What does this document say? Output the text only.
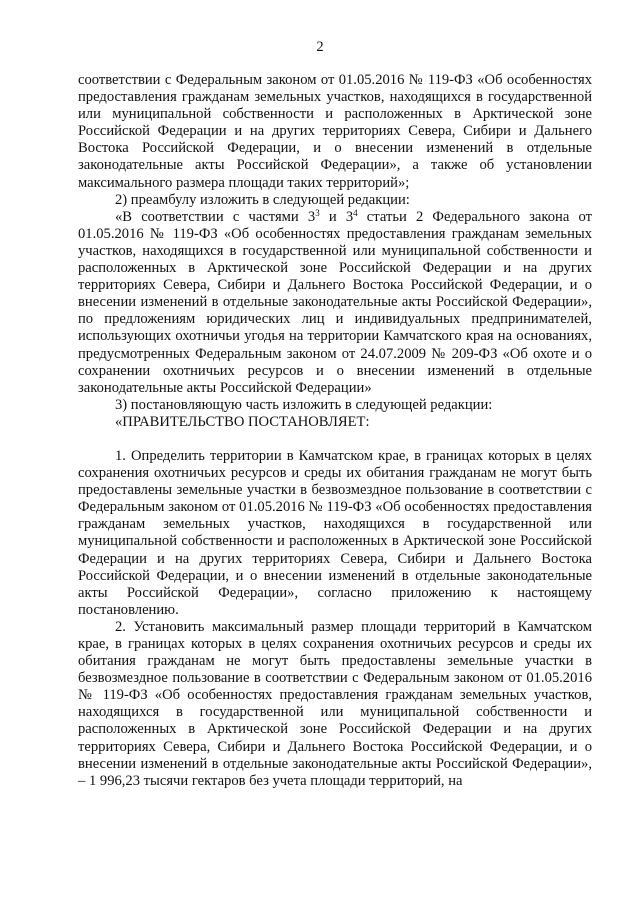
2

соответствии с Федеральным законом от 01.05.2016 № 119-ФЗ «Об особенностях предоставления гражданам земельных участков, находящихся в государственной или муниципальной собственности и расположенных в Арктической зоне Российской Федерации и на других территориях Севера, Сибири и Дальнего Востока Российской Федерации, и о внесении изменений в отдельные законодательные акты Российской Федерации», а также об установлении максимального размера площади таких территорий»;

2) преамбулу изложить в следующей редакции:

«В соответствии с частями $3^3$ и $3^4$ статьи 2 Федерального закона от 01.05.2016 № 119-ФЗ «Об особенностях предоставления гражданам земельных участков, находящихся в государственной или муниципальной собственности и расположенных в Арктической зоне Российской Федерации и на других территориях Севера, Сибири и Дальнего Востока Российской Федерации, и о внесении изменений в отдельные законодательные акты Российской Федерации», по предложениям юридических лиц и индивидуальных предпринимателей, использующих охотничьи угодья на территории Камчатского края на основаниях, предусмотренных Федеральным законом от 24.07.2009 № 209-ФЗ «Об охоте и о сохранении охотничьих ресурсов и о внесении изменений в отдельные законодательные акты Российской Федерации»

3) постановляющую часть изложить в следующей редакции:

«ПРАВИТЕЛЬСТВО ПОСТАНОВЛЯЕТ:

1. Определить территории в Камчатском крае, в границах которых в целях сохранения охотничьих ресурсов и среды их обитания гражданам не могут быть предоставлены земельные участки в безвозмездное пользование в соответствии с Федеральным законом от 01.05.2016 № 119-ФЗ «Об особенностях предоставления гражданам земельных участков, находящихся в государственной или муниципальной собственности и расположенных в Арктической зоне Российской Федерации и на других территориях Севера, Сибири и Дальнего Востока Российской Федерации, и о внесении изменений в отдельные законодательные акты Российской Федерации», согласно приложению к настоящему постановлению.

2. Установить максимальный размер площади территорий в Камчатском крае, в границах которых в целях сохранения охотничьих ресурсов и среды их обитания гражданам не могут быть предоставлены земельные участки в безвозмездное пользование в соответствии с Федеральным законом от 01.05.2016 № 119-ФЗ «Об особенностях предоставления гражданам земельных участков, находящихся в государственной или муниципальной собственности и расположенных в Арктической зоне Российской Федерации и на других территориях Севера, Сибири и Дальнего Востока Российской Федерации, и о внесении изменений в отдельные законодательные акты Российской Федерации», – 1 996,23 тысячи гектаров без учета площади территорий, на
